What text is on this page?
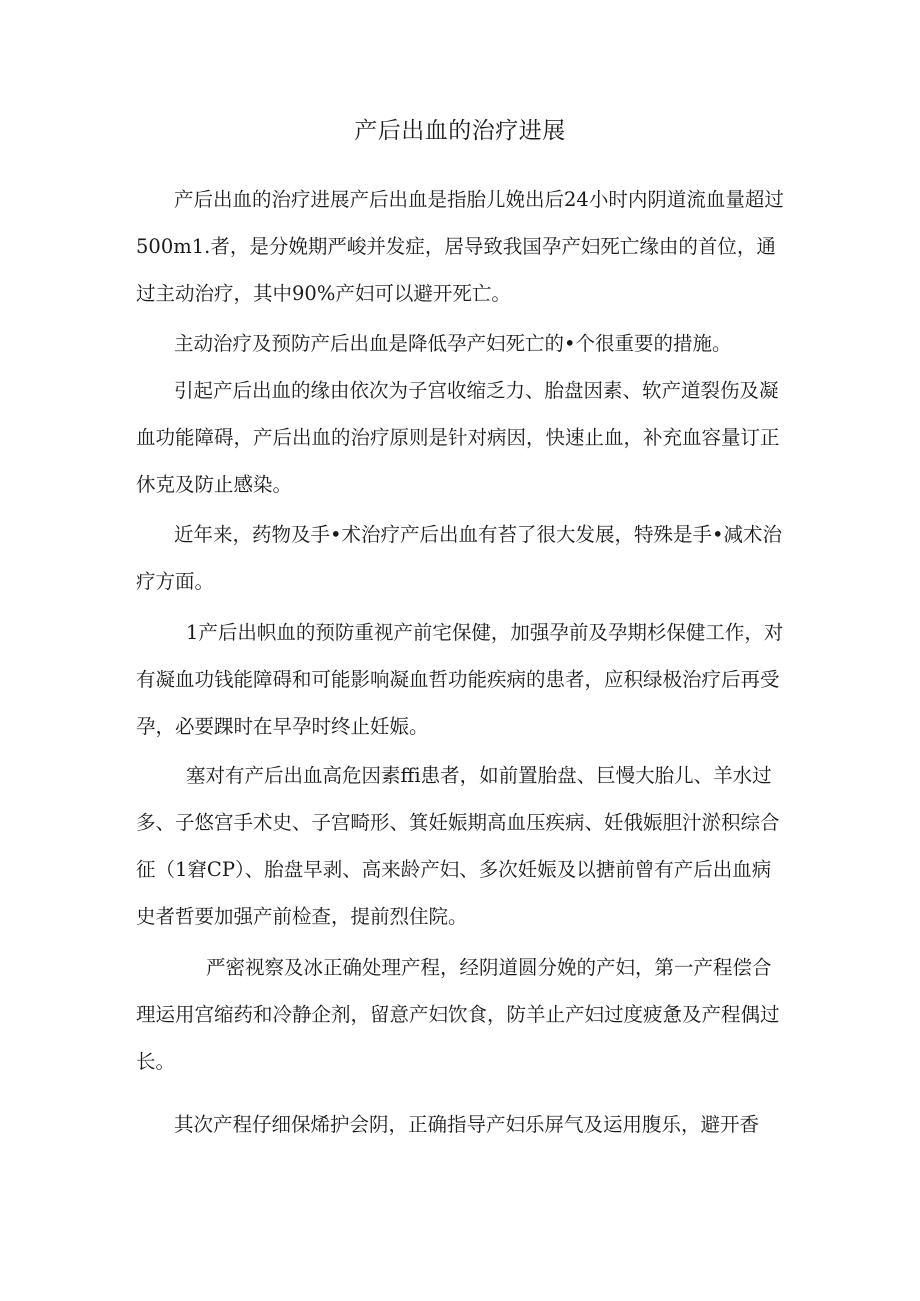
产后出血的治疗进展

产后出血的治疗进展产后出血是指胎儿娩出后24小时内阴道流血量超过500m1.者，是分娩期严峻并发症，居导致我国孕产妇死亡缘由的首位，通过主动治疗，其中90%产妇可以避开死亡。

主动治疗及预防产后出血是降低孕产妇死亡的•个很重要的措施。

引起产后出血的缘由依次为子宫收缩乏力、胎盘因素、软产道裂伤及凝血功能障碍，产后出血的治疗原则是针对病因，快速止血，补充血容量订正休克及防止感染。

近年来，药物及手•术治疗产后出血有苔了很大发展，特殊是手•减术治疗方面。

1产后出帜血的预防重视产前宅保健，加强孕前及孕期杉保健工作，对有凝血功钱能障碍和可能影响凝血哲功能疾病的患者，应积绿极治疗后再受孕，必要踝时在早孕时终止妊娠。

塞对有产后出血高危因素ffi患者，如前置胎盘、巨慢大胎儿、羊水过多、子悠宫手术史、子宫畸形、箕妊娠期高血压疾病、妊俄娠胆汁淤积综合征（1窘CP）、胎盘早剥、高来龄产妇、多次妊娠及以搪前曾有产后出血病史者哲要加强产前检查，提前烈住院。

严密视察及冰正确处理产程，经阴道圆分娩的产妇，第一产程偿合理运用宫缩药和冷静企剂，留意产妇饮食，防羊止产妇过度疲惫及产程偶过长。

其次产程仔细保烯护会阴，正确指导产妇乐屏气及运用腹乐，避开香
